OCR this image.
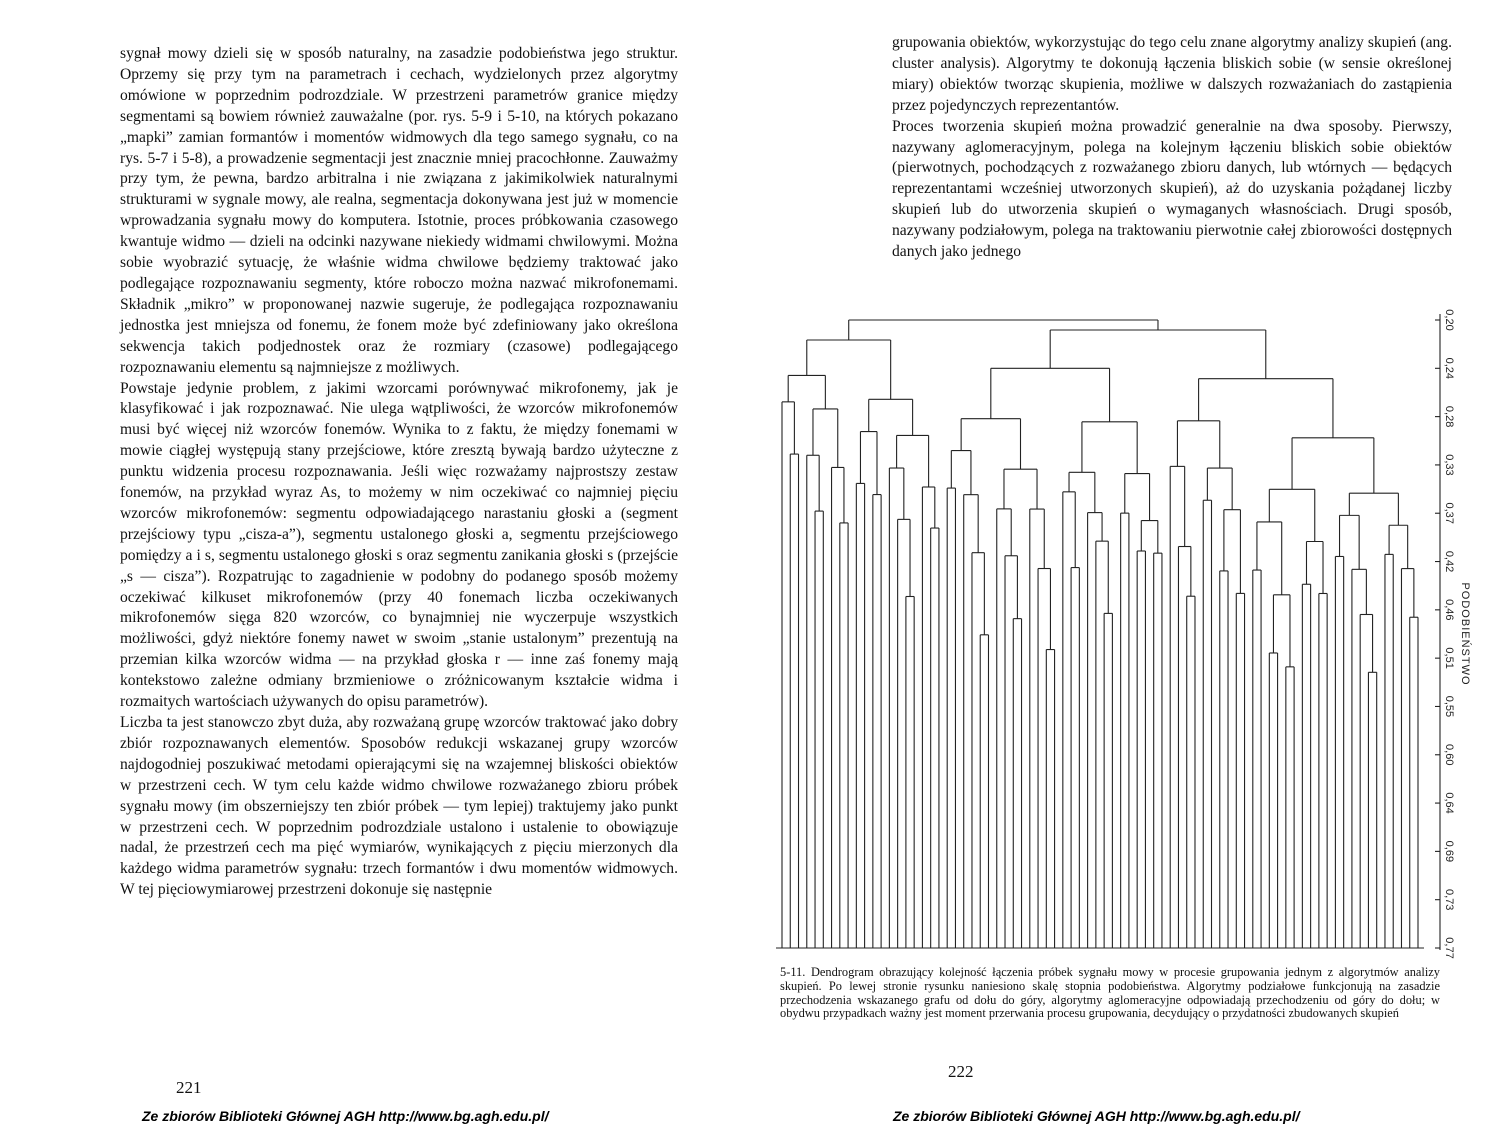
sygnał mowy dzieli się w sposób naturalny, na zasadzie podobieństwa jego struktur. Oprzemy się przy tym na parametrach i cechach, wydzielonych przez algorytmy omówione w poprzednim podrozdziale. W przestrzeni parametrów granice między segmentami są bowiem również zauważalne (por. rys. 5-9 i 5-10, na których pokazano „mapki” zamian formantów i momentów widmowych dla tego samego sygnału, co na rys. 5-7 i 5-8), a prowadzenie segmentacji jest znacznie mniej pracochłonne. Zauważmy przy tym, że pewna, bardzo arbitralna i nie związana z jakimikolwiek naturalnymi strukturami w sygnale mowy, ale realna, segmentacja dokonywana jest już w momencie wprowadzania sygnału mowy do komputera. Istotnie, proces próbkowania czasowego kwantuje widmo — dzieli na odcinki nazywane niekiedy widmami chwilowymi. Można sobie wyobrazić sytuację, że właśnie widma chwilowe będziemy traktować jako podlegające rozpoznawaniu segmenty, które roboczo można nazwać mikrofonemami. Składnik „mikro” w proponowanej nazwie sugeruje, że podlegająca rozpoznawaniu jednostka jest mniejsza od fonemu, że fonem może być zdefiniowany jako określona sekwencja takich podjednostek oraz że rozmiary (czasowe) podlegającego rozpoznawaniu elementu są najmniejsze z możliwych.

Powstaje jedynie problem, z jakimi wzorcami porównywać mikrofonemy, jak je klasyfikować i jak rozpoznawać. Nie ulega wątpliwości, że wzorców mikrofonemów musi być więcej niż wzorców fonemów. Wynika to z faktu, że między fonemami w mowie ciągłej występują stany przejściowe, które zresztą bywają bardzo użyteczne z punktu widzenia procesu rozpoznawania. Jeśli więc rozważamy najprostszy zestaw fonemów, na przykład wyraz As, to możemy w nim oczekiwać co najmniej pięciu wzorców mikrofonemów: segmentu odpowiadającego narastaniu głoski a (segment przejściowy typu „cisza-a”), segmentu ustalonego głoski a, segmentu przejściowego pomiędzy a i s, segmentu ustalonego głoski s oraz segmentu zanikania głoski s (przejście „s — cisza”). Rozpatrując to zagadnienie w podobny do podanego sposób możemy oczekiwać kilkuset mikrofonemów (przy 40 fonemach liczba oczekiwanych mikrofonemów sięga 820 wzorców, co bynajmniej nie wyczerpuje wszystkich możliwości, gdyż niektóre fonemy nawet w swoim „stanie ustalonym” prezentują na przemian kilka wzorców widma — na przykład głoska r — inne zaś fonemy mają kontekstowo zależne odmiany brzmieniowe o zróżnicowanym kształcie widma i rozmaitych wartościach używanych do opisu parametrów).

Liczba ta jest stanowczo zbyt duża, aby rozważaną grupę wzorców traktować jako dobry zbiór rozpoznawanych elementów. Sposobów redukcji wskazanej grupy wzorców najdogodniej poszukiwać metodami opierającymi się na wzajemnej bliskości obiektów w przestrzeni cech. W tym celu każde widmo chwilowe rozważanego zbioru próbek sygnału mowy (im obszerniejszy ten zbiór próbek — tym lepiej) traktujemy jako punkt w przestrzeni cech. W poprzednim podrozdziale ustalono i ustalenie to obowiązuje nadal, że przestrzeń cech ma pięć wymiarów, wynikających z pięciu mierzonych dla każdego widma parametrów sygnału: trzech formantów i dwu momentów widmowych. W tej pięciowymiarowej przestrzeni dokonuje się następnie

221
Ze zbiorów Biblioteki Głównej AGH http://www.bg.agh.edu.pl/

grupowania obiektów, wykorzystując do tego celu znane algorytmy analizy skupień (ang. cluster analysis). Algorytmy te dokonują łączenia bliskich sobie (w sensie określonej miary) obiektów tworząc skupienia, możliwe w dalszych rozważaniach do zastąpienia przez pojedynczych reprezentantów.

Proces tworzenia skupień można prowadzić generalnie na dwa sposoby. Pierwszy, nazywany aglomeracyjnym, polega na kolejnym łączeniu bliskich sobie obiektów (pierwotnych, pochodzących z rozważanego zbioru danych, lub wtórnych — będących reprezentantami wcześniej utworzonych skupień), aż do uzyskania pożądanej liczby skupień lub do utworzenia skupień o wymaganych własnościach. Drugi sposób, nazywany podziałowym, polega na traktowaniu pierwotnie całej zbiorowości dostępnych danych jako jednego

0,20
0,24
0,28
0,33
0,37
0,42
0,46
0,51
0,55
0,60
0,64
0,69
0,73
0,77
PODOBIEŃSTWO
5-11. Dendrogram obrazujący kolejność łączenia próbek sygnału mowy w procesie grupowania jednym z algorytmów analizy skupień. Po lewej stronie rysunku naniesiono skalę stopnia podobieństwa. Algorytmy podziałowe funkcjonują na zasadzie przechodzenia wskazanego grafu od dołu do góry, algorytmy aglomeracyjne odpowiadają przechodzeniu od góry do dołu; w obydwu przypadkach ważny jest moment przerwania procesu grupowania, decydujący o przydatności zbudowanych skupień
222
Ze zbiorów Biblioteki Głównej AGH http://www.bg.agh.edu.pl/
